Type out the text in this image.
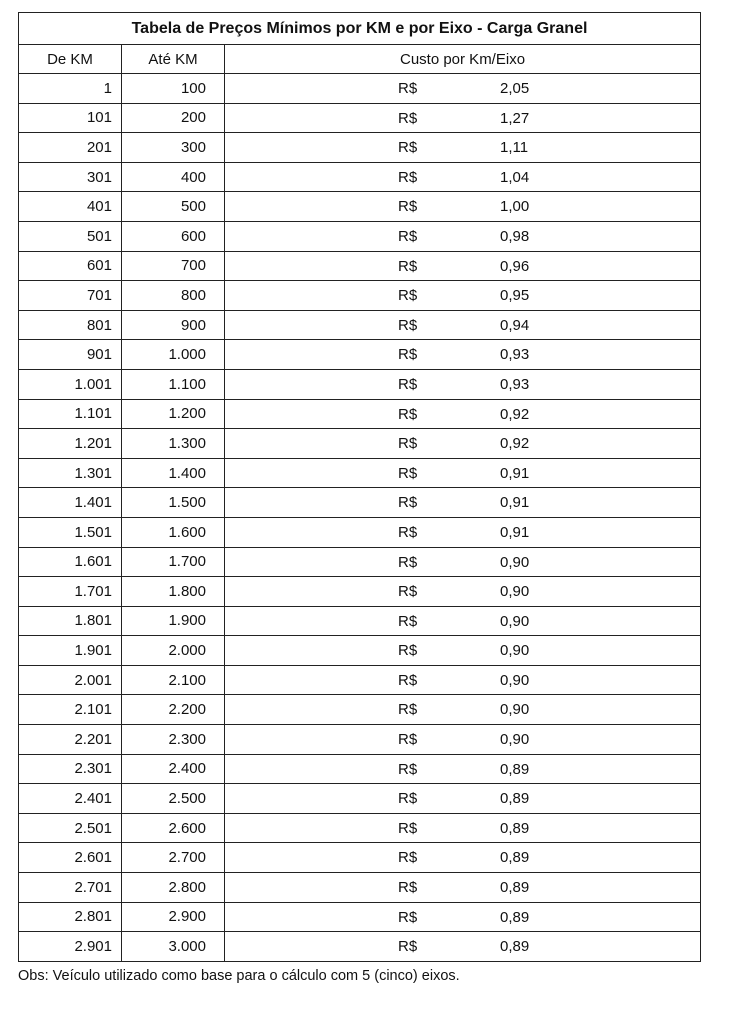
Tabela de Preços Mínimos por KM e por Eixo - Carga Granel		
De KM	Até KM	Custo por Km/Eixo
1	100	R$ 2,05

101	200	R$ 1,27

201	300	R$ 1,11

301	400	R$ 1,04

401	500	R$ 1,00

501	600	R$ 0,98

601	700	R$ 0,96

701	800	R$ 0,95

801	900	R$ 0,94

901	1.000	R$ 0,93

1.001	1.100	R$ 0,93

1.101	1.200	R$ 0,92

1.201	1.300	R$ 0,92

1.301	1.400	R$ 0,91

1.401	1.500	R$ 0,91

1.501	1.600	R$ 0,91

1.601	1.700	R$ 0,90

1.701	1.800	R$ 0,90

1.801	1.900	R$ 0,90

1.901	2.000	R$ 0,90

2.001	2.100	R$ 0,90

2.101	2.200	R$ 0,90

2.201	2.300	R$ 0,90

2.301	2.400	R$ 0,89

2.401	2.500	R$ 0,89

2.501	2.600	R$ 0,89

2.601	2.700	R$ 0,89

2.701	2.800	R$ 0,89

2.801	2.900	R$ 0,89

2.901	3.000	R$ 0,89
Obs: Veículo utilizado como base para o cálculo com 5 (cinco) eixos.
